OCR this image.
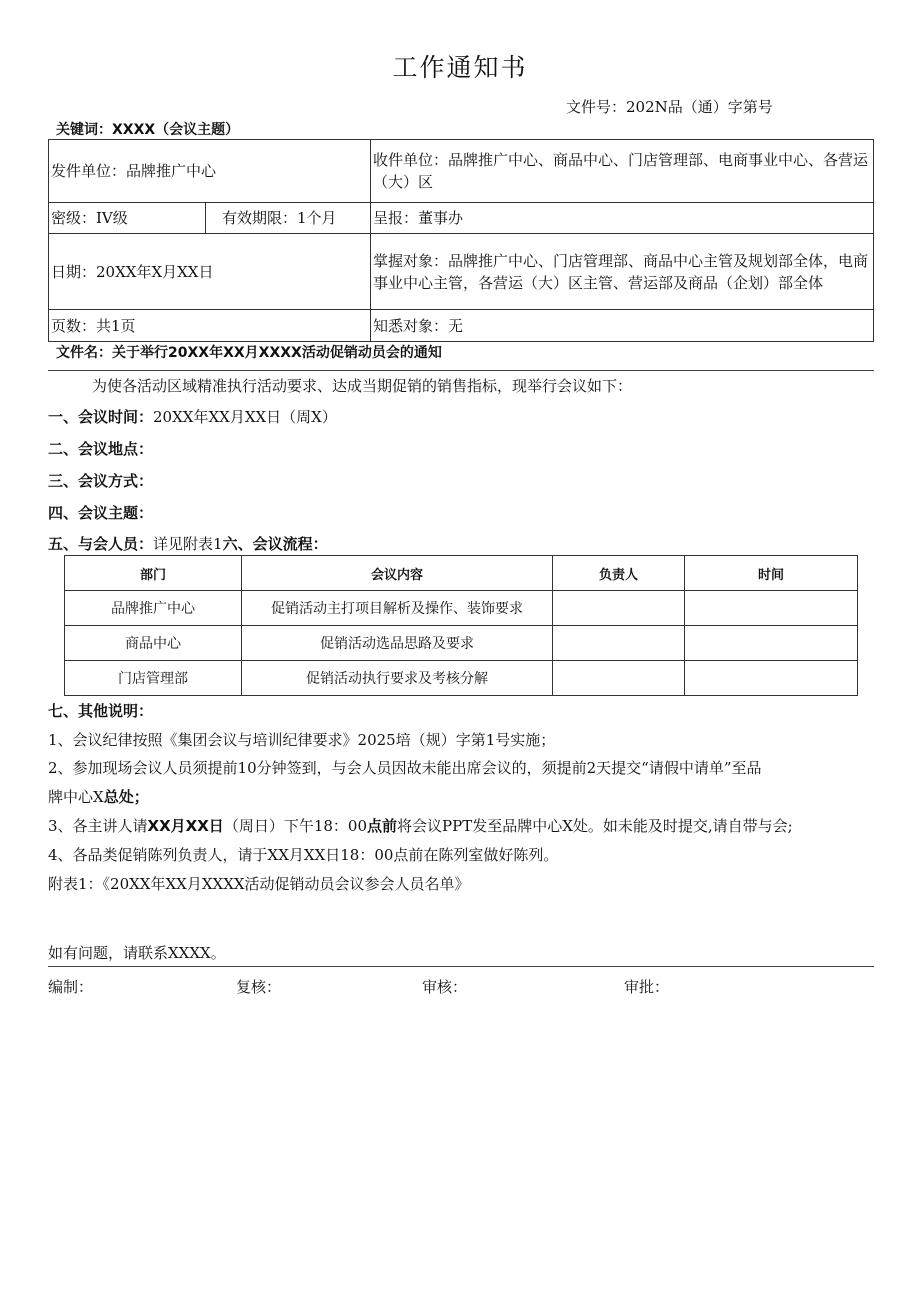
工作通知书
文件号：202N品（通）字第号
关键词：XXXX（会议主题）
发件单位：品牌推广中心		收件单位：品牌推广中心、商品中心、门店管理部、电商事业中心、各营运（大）区
密级：IV级	有效期限：1个月	呈报：董事办
日期：20XX年X月XX日		掌握对象：品牌推广中心、门店管理部、商品中心主管及规划部全体，电商事业中心主管，各营运（大）区主管、营运部及商品（企划）部全体
页数：共1页		知悉对象：无
文件名：关于举行20XX年XX月XXXX活动促销动员会的通知
为使各活动区域精准执行活动要求、达成当期促销的销售指标，现举行会议如下：
一、会议时间：20XX年XX月XX日（周X）
二、会议地点：
三、会议方式：
四、会议主题：
五、与会人员：详见附表1六、会议流程：
部门	会议内容	负责人	时间
品牌推广中心	促销活动主打项目解析及操作、装饰要求		
商品中心	促销活动选品思路及要求		
门店管理部	促销活动执行要求及考核分解		
七、其他说明：
1、会议纪律按照《集团会议与培训纪律要求》2025培（规）字第1号实施；
2、参加现场会议人员须提前10分钟签到，与会人员因故未能出席会议的，须提前2天提交“请假中请单”至品
牌中心X总处；
3、各主讲人请XX月XX日（周日）下午18：00点前将会议PPT发至品牌中心X处。如未能及时提交,请自带与会;
4、各品类促销陈列负责人，请于XX月XX日18：00点前在陈列室做好陈列。
附表1：《20XX年XX月XXXX活动促销动员会议参会人员名单》
如有问题，请联系XXXX。
编制：	复核：	审核：	审批：
